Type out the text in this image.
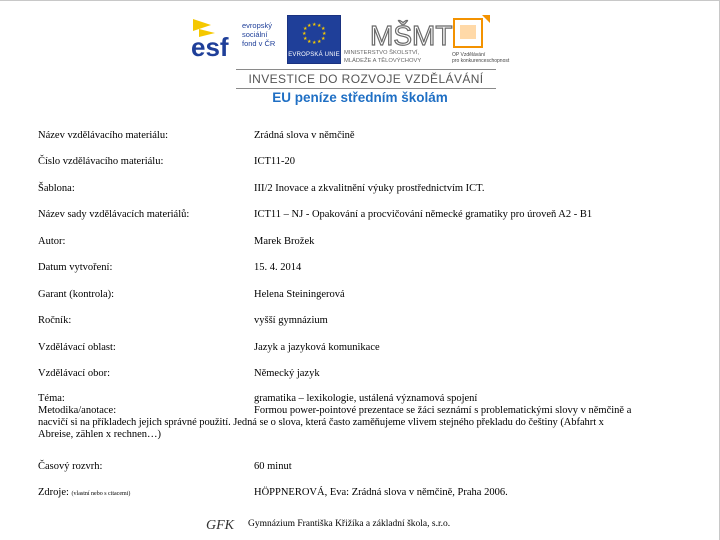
esf
evropský
sociální
fond v ČR
★ ★ ★
★
★
★
★
★
★
★
★ ★
EVROPSKÁ UNIE
MŠMT
MINISTERSTVO ŠKOLSTVÍ,
MLÁDEŽE A TĚLOVÝCHOVY
OP Vzdělávání
pro konkurenceschopnost
INVESTICE DO ROZVOJE VZDĚLÁVÁNÍ
EU peníze středním školám
Název vzdělávacího materiálu:	Zrádná slova v němčině
Číslo vzdělávacího materiálu:	ICT11-20
Šablona:	III/2 Inovace a zkvalitnění výuky prostřednictvím ICT.
Název sady vzdělávacích materiálů:	ICT11 – NJ - Opakování a procvičování německé gramatiky pro úroveň A2 - B1
Autor:	Marek Brožek
Datum vytvoření:	15. 4. 2014
Garant (kontrola):	Helena Steiningerová
Ročník:	vyšší gymnázium
Vzdělávací oblast:	Jazyk a jazyková komunikace
Vzdělávací obor:	Německý jazyk
Téma:	gramatika – lexikologie, ustálená významová spojení
Metodika/anotace:	Formou power-pointové prezentace se žáci seznámí s problematickými slovy v němčině a
nacvičí si na příkladech jejich správné použití. Jedná se o slova, která často zaměňujeme vlivem stejného překladu do češtiny (Abfahrt x
Abreise, zählen x rechnen…)
Časový rozvrh:	60 minut
Zdroje: (vlastní nebo s citacemi)	HÖPPNEROVÁ, Eva: Zrádná slova v němčině, Praha 2006.
GFK Gymnázium Františka Křižíka a základní škola, s.r.o.
